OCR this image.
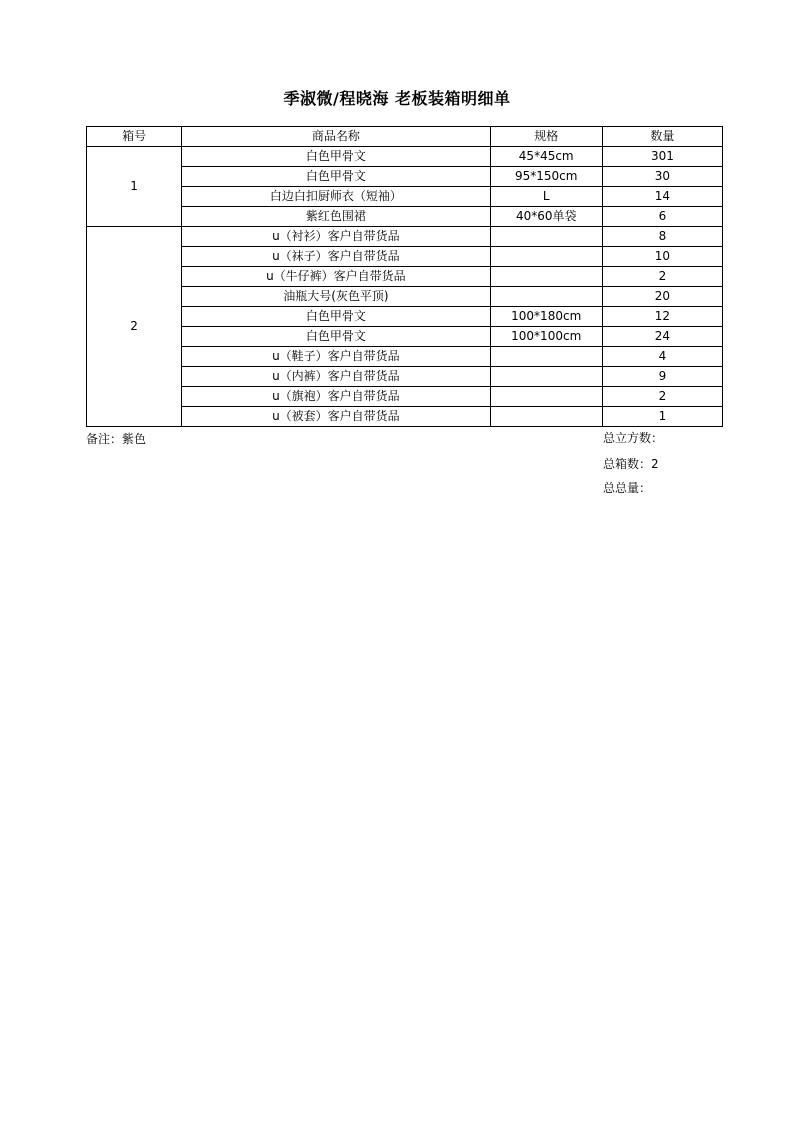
季淑微/程晓海 老板装箱明细单
箱号	商品名称	规格	数量
1	白色甲骨文	45*45cm	301
	白色甲骨文	95*150cm	30
	白边白扣厨师衣（短袖）	L	14
	紫红色围裙	40*60单袋	6
2	u（衬衫）客户自带货品		8
	u（袜子）客户自带货品		10
	u（牛仔裤）客户自带货品		2
	油瓶大号(灰色平顶)		20
	白色甲骨文	100*180cm	12
	白色甲骨文	100*100cm	24
	u（鞋子）客户自带货品		4
	u（内裤）客户自带货品		9
	u（旗袍）客户自带货品		2
	u（被套）客户自带货品		1
备注：紫色	总立方数：
总箱数：2
总总量：
